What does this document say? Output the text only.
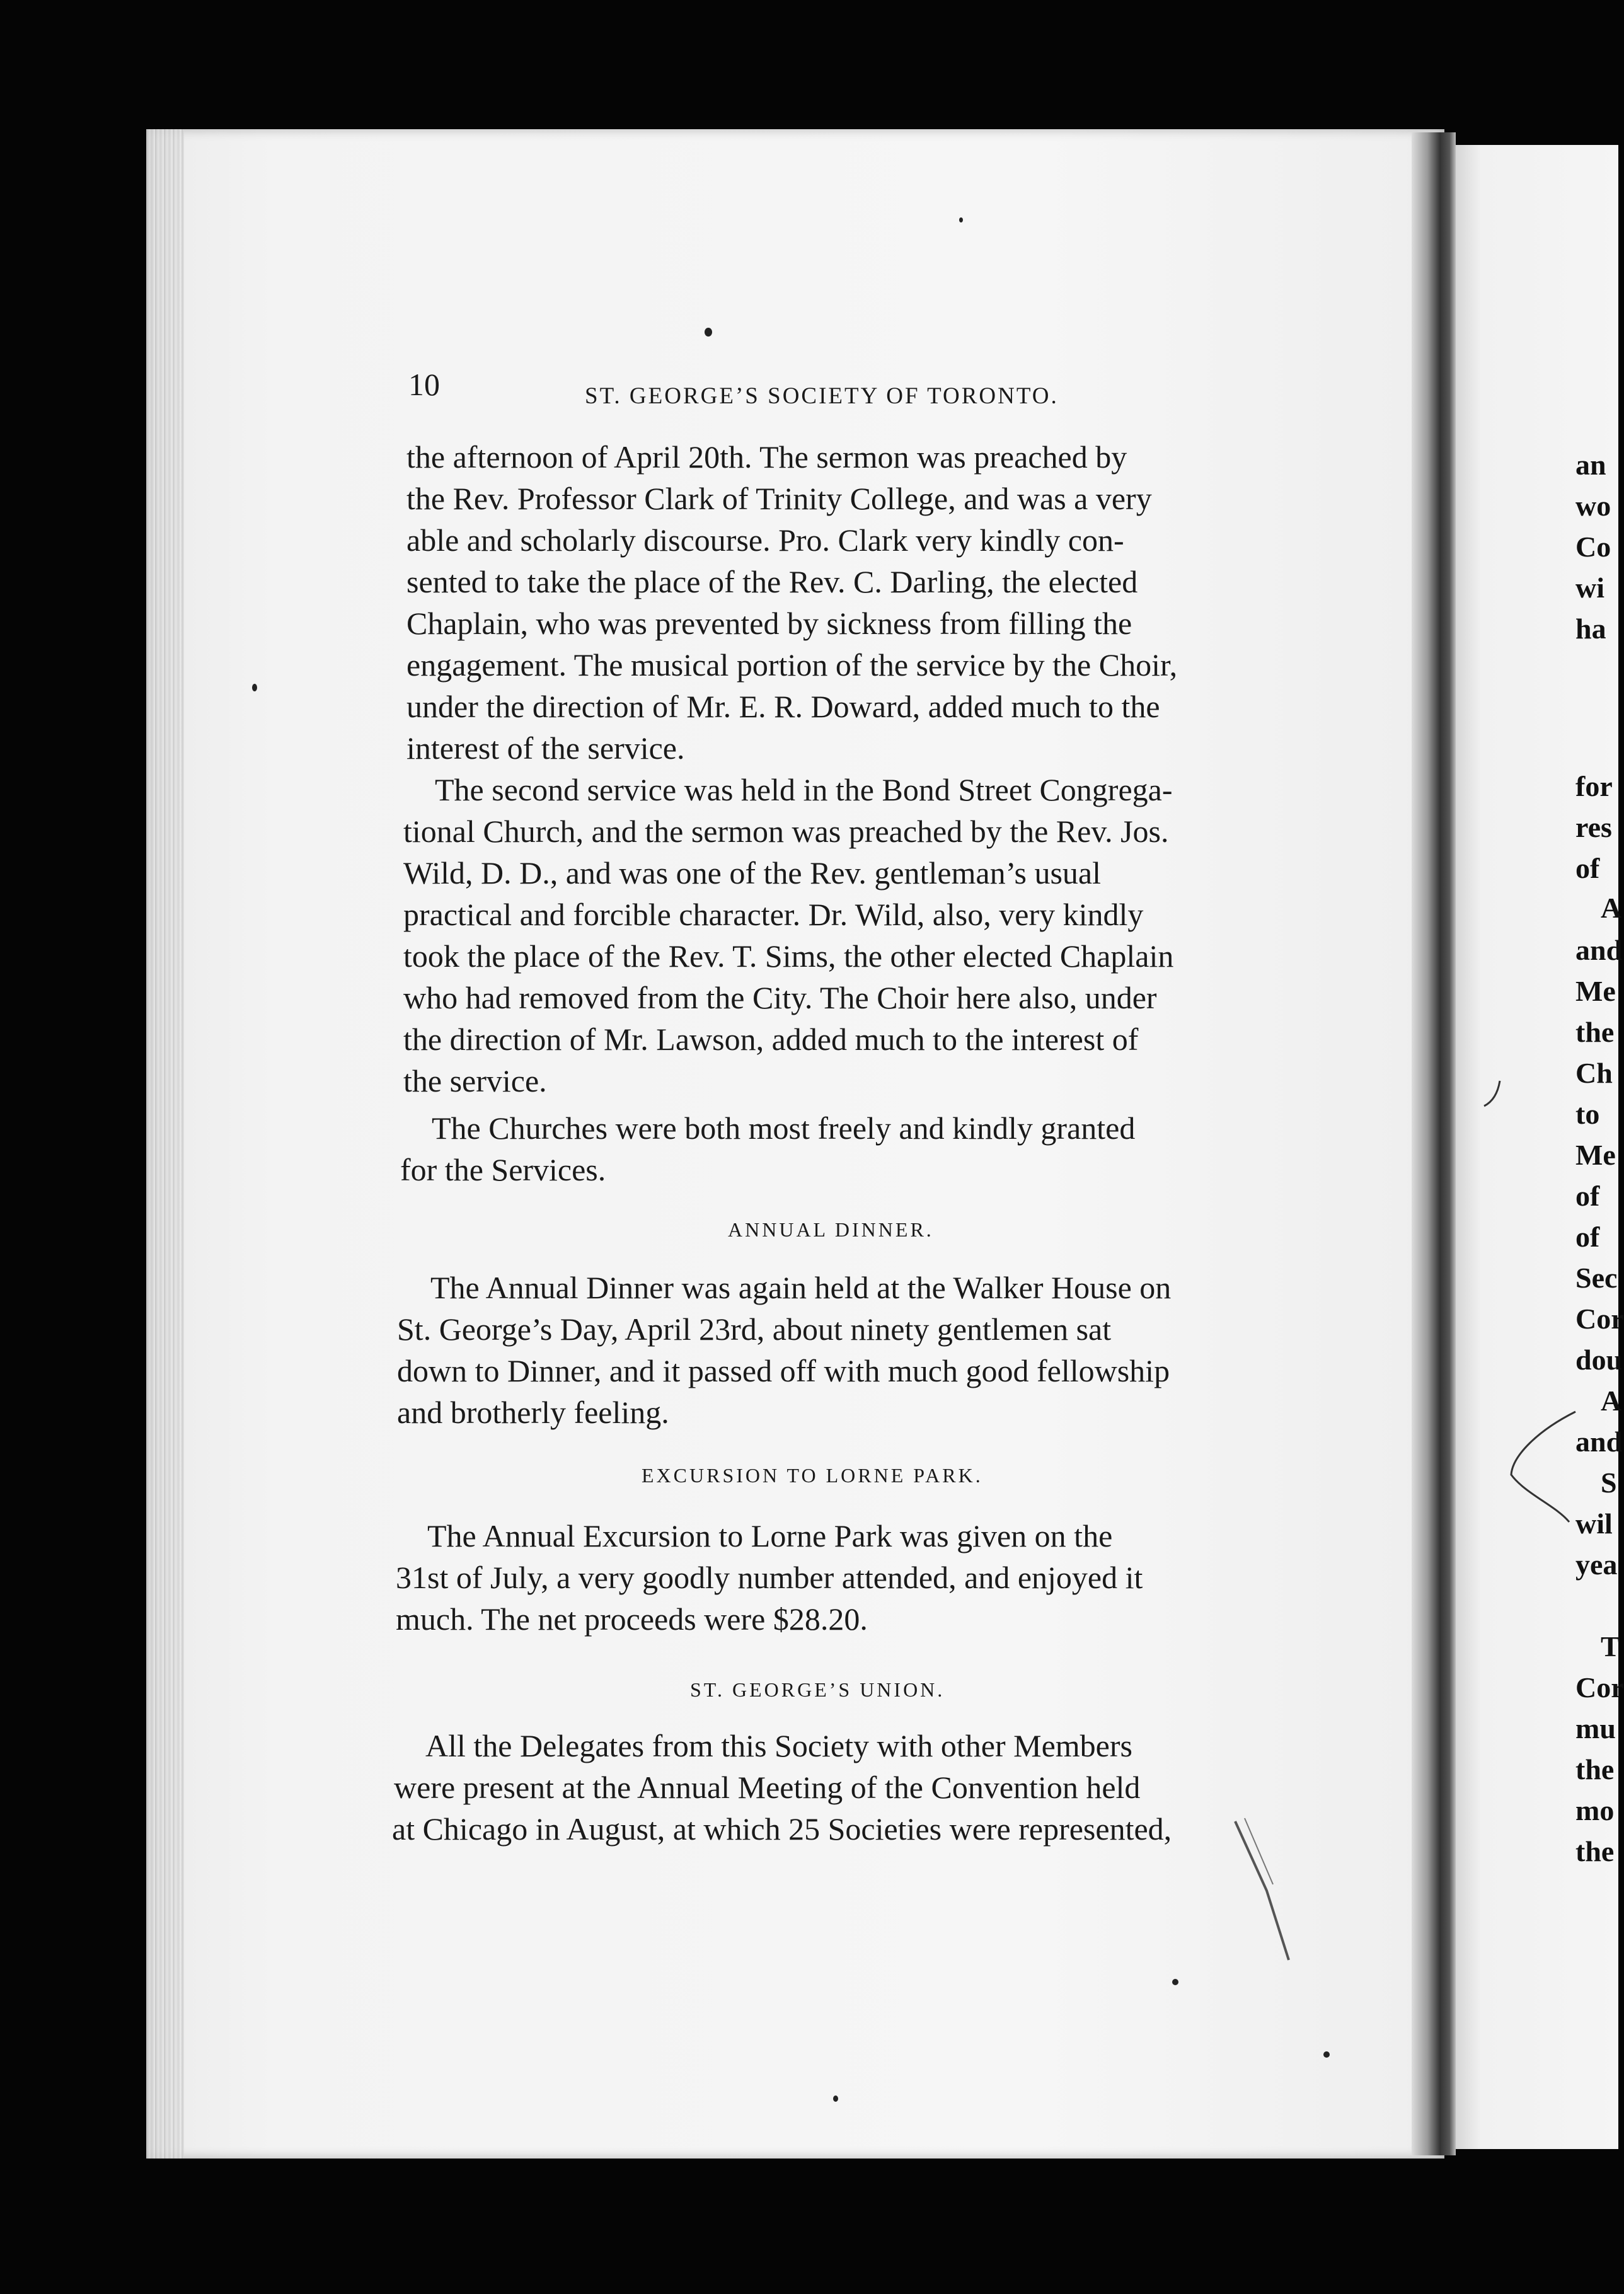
10	ST. GEORGE’S SOCIETY OF TORONTO.
the afternoon of April 20th. The sermon was preached by
the Rev. Professor Clark of Trinity College, and was a very
able and scholarly discourse. Pro. Clark very kindly con-
sented to take the place of the Rev. C. Darling, the elected
Chaplain, who was prevented by sickness from filling the
engagement. The musical portion of the service by the Choir,
under the direction of Mr. E. R. Doward, added much to the
interest of the service.
The second service was held in the Bond Street Congrega-
tional Church, and the sermon was preached by the Rev. Jos.
Wild, D. D., and was one of the Rev. gentleman’s usual
practical and forcible character. Dr. Wild, also, very kindly
took the place of the Rev. T. Sims, the other elected Chaplain
who had removed from the City. The Choir here also, under
the direction of Mr. Lawson, added much to the interest of
the service.
The Churches were both most freely and kindly granted
for the Services.
ANNUAL DINNER.
The Annual Dinner was again held at the Walker House on
St. George’s Day, April 23rd, about ninety gentlemen sat
down to Dinner, and it passed off with much good fellowship
and brotherly feeling.
EXCURSION TO LORNE PARK.
The Annual Excursion to Lorne Park was given on the
31st of July, a very goodly number attended, and enjoyed it
much. The net proceeds were $28.20.
ST. GEORGE’S UNION.
All the Delegates from this Society with other Members
were present at the Annual Meeting of the Convention held
at Chicago in August, at which 25 Societies were represented,
an
wo
Co
wi
ha
for
res
of
A
and
Me
the
Ch
to
Me
of
of
Sec
Cor
dou
A
and
S
wil
yea
T
Cor
mu
the
mo
the
